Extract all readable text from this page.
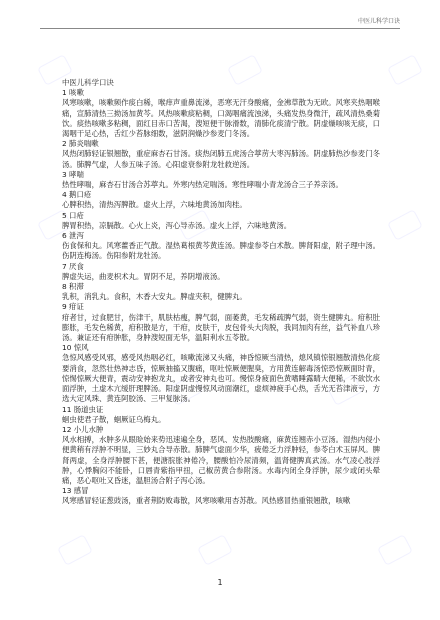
中医儿科学口诀

中医儿科学口诀

1 咳嗽

风寒咳嗽，咳嗽频作痰白稀，喉痒声重鼻流涕，恶寒无汗身酸痛，金沸草散为无欧。风寒夹热咽喉痛，宣肺清热三拗汤加黄芩。风热咳嗽痰粘稠，口渴咽痛流浊涕，头痛发热身微汗，疏风清热桑菊饮。痰热咳嗽多粘稠，面红目赤口苦渴，溲短便干脉滑数，清肺化痰清宁散。阴虚燥咳咳无痰，口渴咽干足心热，舌红少苔脉细数，滋阴润燥沙参麦门冬汤。

2 肺炎喘嗽

风热闭肺轻证银翘散，重症麻杏石甘汤。痰热闭肺五虎汤合葶苈大枣泻肺汤。阴虚肺热沙参麦门冬汤。肺脾气虚，人参五味子汤。心阳虚衰参附龙牡救逆汤。

3 哮喘

热性哮喘，麻杏石甘汤合苏葶丸。外寒内热定喘汤。寒性哮喘小青龙汤合三子养亲汤。

4 鹅口疮

心脾积热，清热泻脾散。虚火上浮，六味地黄汤加肉桂。

5 口疮

脾胃积热，凉膈散。心火上炎，泻心导赤汤。虚火上浮，六味地黄汤。

6 泄泻

伤食保和丸。风寒藿香正气散。湿热葛根黄芩黄连汤。脾虚参苓白术散。脾肾阳虚，附子理中汤。伤阴连梅汤。伤阳参附龙牡汤。

7 厌食

脾虚失运，曲麦枳术丸。胃阴不足，养阴增液汤。

8 积滞

乳积，消乳丸。食积，木香大安丸。脾虚夹积，健脾丸。

9 疳证

疳者甘，过食肥甘，伤津干，肌肤枯瘦，脾气弱，面萎黄，毛发稀疏脾气弱，资生健脾丸。疳积肚膨胀，毛发色稀黄，疳积散是方，干疳，皮肤干，皮包骨头大肉脱，我同加肉有丝，益气补血八珍汤。兼证还有疳肿胀，身肿溲短面无华，温阳利水五苓散。

10 惊风

急惊风感受风邪，感受风热咽必红，咳嗽流涕又头痛，神昏惊厥当清热，熄风镇惊银翘散清热化痰要消食，忽然壮热神志昏，惊厥抽搐又腹痛，呕吐惊厥便腥臭，方用黄连解毒汤惊恐惊厥面时青，惊惕惊厥大便青，震动安神抱龙丸，或者安神丸也可。慢惊身疲面色黄嗜睡露睛大便稀，不欲饮水面浮肿，土虚木亢缓肝理脾汤。阳虚阴虚慢惊风动面潮红，虚烦神疲手心热，舌光无苔津液亏，方选大定风珠、黄连阿胶汤、三甲复脉汤。

11 肠道虫证

蛔虫使君子散，蛔厥证乌梅丸。

12 小儿水肿

风水相搏，水肿多从眼睑始来势迅速遍全身，恶风、发热肢酸痛，麻黄连翘赤小豆汤。湿热内侵小便黄稍有浮肿不明显，三妙丸合导赤散。肺脾气虚面少华，疲倦乏力浮肿轻，参苓白术玉屏风。脾肾两虚，全身浮肿腰下甚，便溏脘胀神倦冷，腰酸怕冷尿清频，温肾健脾真武汤。水气凌心肢浮肿，心悸胸闷不能卧，口唇青紫指甲扭，己椒苈黄合参附汤。水毒内闭全身浮肿，尿少或闭头晕痛，恶心呕吐又昏迷，温胆汤合附子泻心汤。

13 感冒

风寒感冒轻证葱豉汤，重者荆防败毒散，风寒咳嗽用杏苏散。风热感冒热重银翘散，咳嗽

1
